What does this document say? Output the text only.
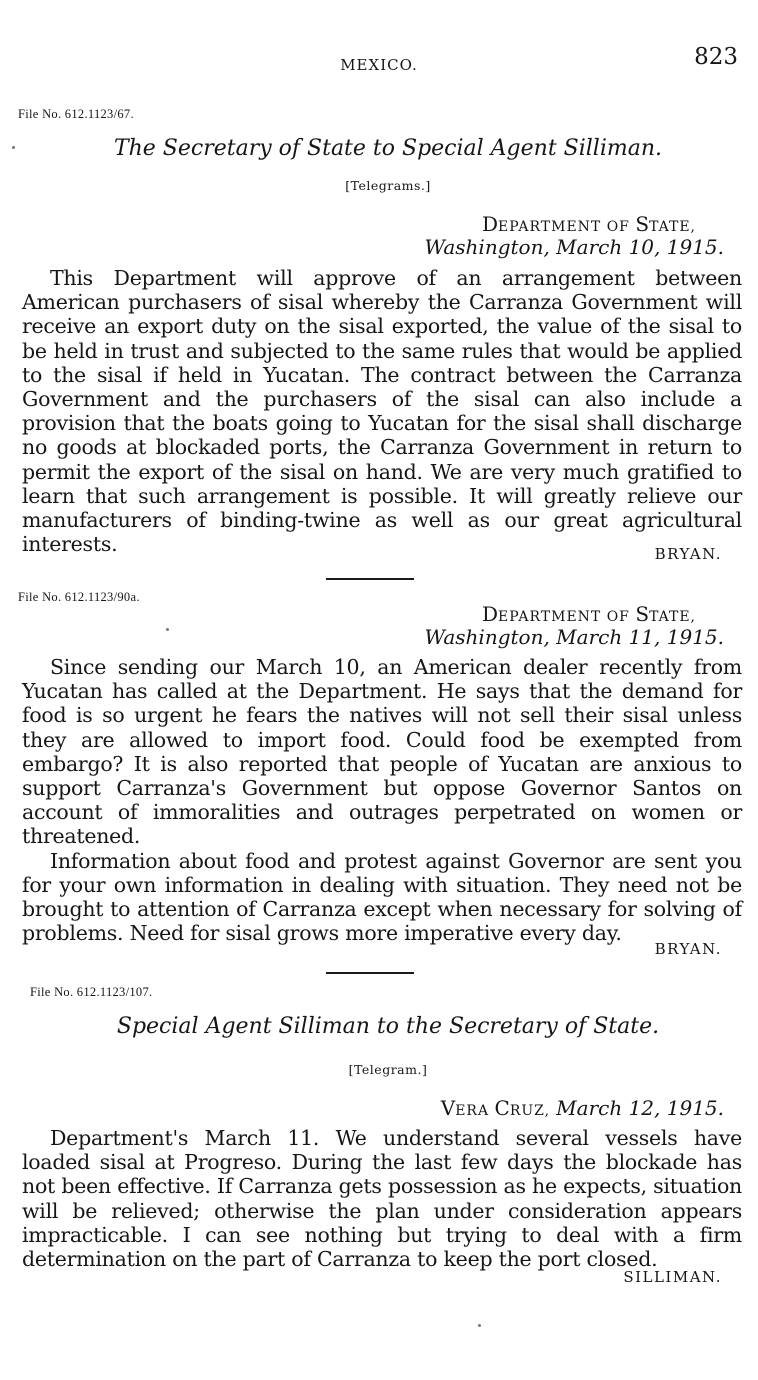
MEXICO.	823
File No. 612.1123/67.
The Secretary of State to Special Agent Silliman.
[Telegrams.]
DEPARTMENT OF STATE,
Washington, March 10, 1915.

This Department will approve of an arrangement between American purchasers of sisal whereby the Carranza Government will receive an export duty on the sisal exported, the value of the sisal to be held in trust and subjected to the same rules that would be applied to the sisal if held in Yucatan. The contract between the Carranza Government and the purchasers of the sisal can also include a provision that the boats going to Yucatan for the sisal shall discharge no goods at blockaded ports, the Carranza Government in return to permit the export of the sisal on hand. We are very much gratified to learn that such arrangement is possible. It will greatly relieve our manufacturers of binding-twine as well as our great agricultural interests.	BRYAN.
File No. 612.1123/90a.
DEPARTMENT OF STATE,
Washington, March 11, 1915.

Since sending our March 10, an American dealer recently from Yucatan has called at the Department. He says that the demand for food is so urgent he fears the natives will not sell their sisal unless they are allowed to import food. Could food be exempted from embargo? It is also reported that people of Yucatan are anxious to support Carranza's Government but oppose Governor Santos on account of immoralities and outrages perpetrated on women or threatened.

Information about food and protest against Governor are sent you for your own information in dealing with situation. They need not be brought to attention of Carranza except when necessary for solving of problems. Need for sisal grows more imperative every day.

BRYAN.
File No. 612.1123/107.
Special Agent Silliman to the Secretary of State.
[Telegram.]
VERA CRUZ, March 12, 1915.

Department's March 11. We understand several vessels have loaded sisal at Progreso. During the last few days the blockade has not been effective. If Carranza gets possession as he expects, situation will be relieved; otherwise the plan under consideration appears impracticable. I can see nothing but trying to deal with a firm determination on the part of Carranza to keep the port closed.

SILLIMAN.
